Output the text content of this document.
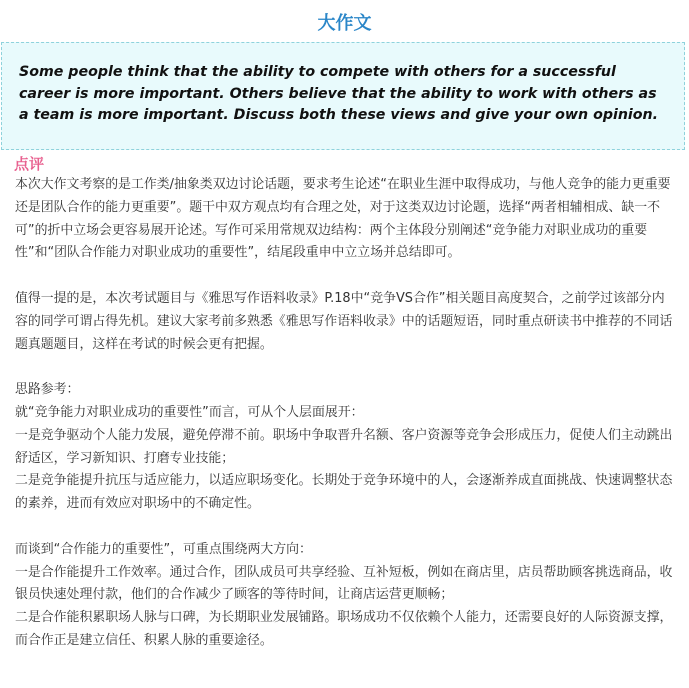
大作文

Some people think that the ability to compete with others for a successful career is more important. Others believe that the ability to work with others as a team is more important. Discuss both these views and give your own opinion.

点评

本次大作文考察的是工作类/抽象类双边讨论话题，要求考生论述“在职业生涯中取得成功，与他人竞争的能力更重要还是团队合作的能力更重要”。题干中双方观点均有合理之处，对于这类双边讨论题，选择“两者相辅相成、缺一不可”的折中立场会更容易展开论述。写作可采用常规双边结构：两个主体段分别阐述“竞争能力对职业成功的重要性”和“团队合作能力对职业成功的重要性”，结尾段重申中立立场并总结即可。

值得一提的是，本次考试题目与《雅思写作语料收录》P.18中“竞争VS合作”相关题目高度契合，之前学过该部分内容的同学可谓占得先机。建议大家考前多熟悉《雅思写作语料收录》中的话题短语，同时重点研读书中推荐的不同话题真题题目，这样在考试的时候会更有把握。

思路参考：

就“竞争能力对职业成功的重要性”而言，可从个人层面展开：

一是竞争驱动个人能力发展，避免停滞不前。职场中争取晋升名额、客户资源等竞争会形成压力，促使人们主动跳出舒适区，学习新知识、打磨专业技能；

二是竞争能提升抗压与适应能力，以适应职场变化。长期处于竞争环境中的人，会逐渐养成直面挑战、快速调整状态的素养，进而有效应对职场中的不确定性。

而谈到“合作能力的重要性”，可重点围绕两大方向：

一是合作能提升工作效率。通过合作，团队成员可共享经验、互补短板，例如在商店里，店员帮助顾客挑选商品，收银员快速处理付款，他们的合作减少了顾客的等待时间，让商店运营更顺畅；

二是合作能积累职场人脉与口碑，为长期职业发展铺路。职场成功不仅依赖个人能力，还需要良好的人际资源支撑，而合作正是建立信任、积累人脉的重要途径。
